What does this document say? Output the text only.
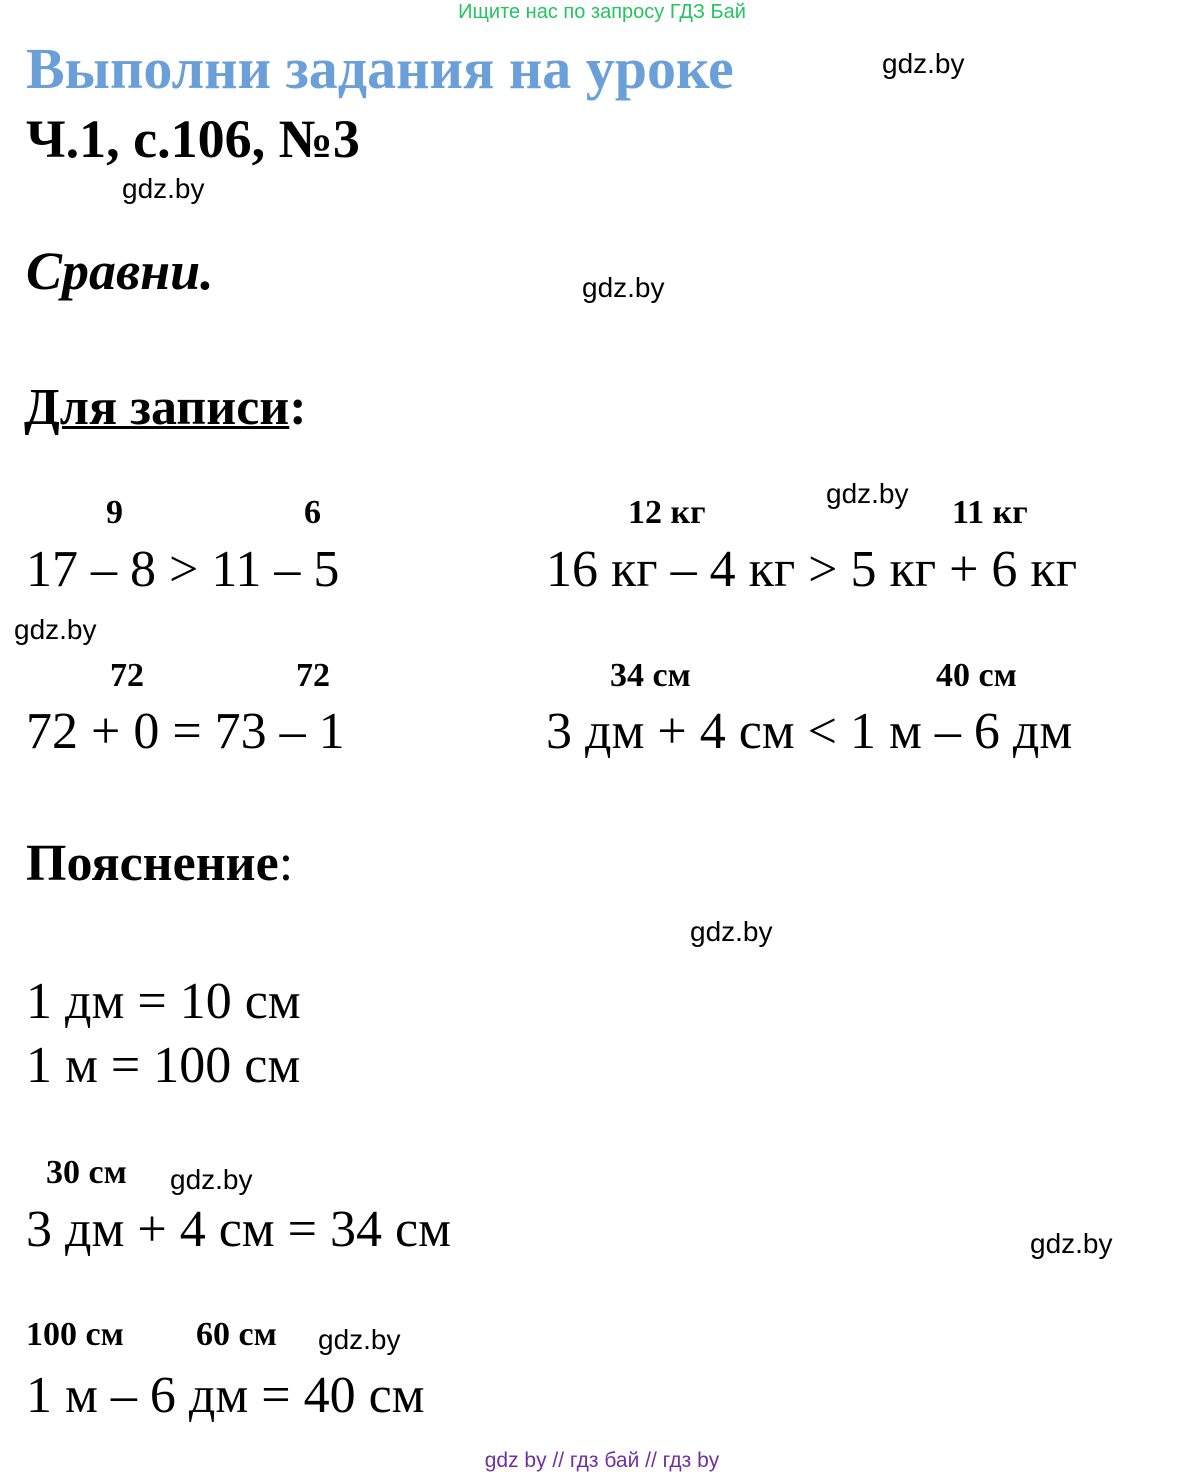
Ищите нас по запросу ГДЗ Бай
Выполни задания на уроке	gdz.by
Ч.1, с.106, №3
gdz.by
Сравни.	gdz.by
Для записи:
9	6
17 – 8 > 11 – 5
12 кг
gdz.by
11 кг
16 кг – 4 кг > 5 кг + 6 кг
gdz.by
72	72
72 + 0 = 73 – 1
34 см	40 см
3 дм + 4 см < 1 м – 6 дм
Пояснение:
gdz.by
1 дм = 10 см
1 м = 100 см
30 см gdz.by
3 дм + 4 см = 34 см	gdz.by
100 см 60 см gdz.by
1 м – 6 дм = 40 см
gdz by // гдз бай // гдз by
